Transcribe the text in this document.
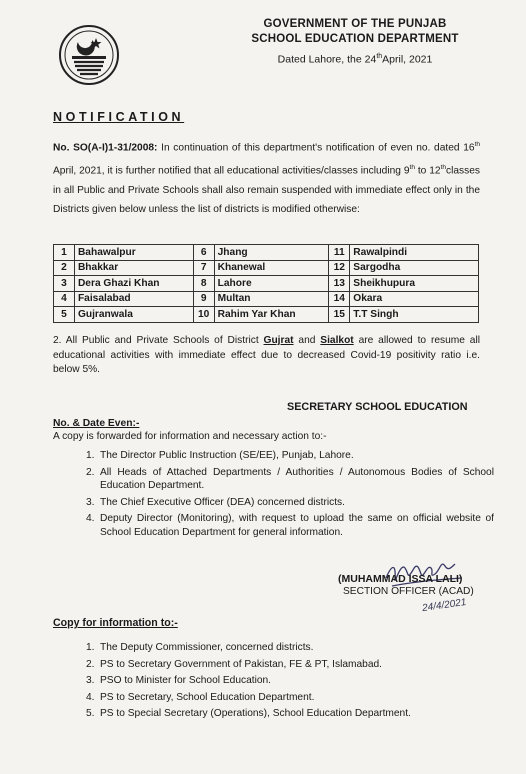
GOVERNMENT OF THE PUNJAB
SCHOOL EDUCATION DEPARTMENT
Dated Lahore, the 24thApril, 2021
NOTIFICATION
No. SO(A-I)1-31/2008: In continuation of this department's notification of even no. dated 16th April, 2021, it is further notified that all educational activities/classes including 9th to 12thclasses in all Public and Private Schools shall also remain suspended with immediate effect only in the Districts given below unless the list of districts is modified otherwise:
1	Bahawalpur	6	Jhang	11	Rawalpindi
2	Bhakkar	7	Khanewal	12	Sargodha
3	Dera Ghazi Khan	8	Lahore	13	Sheikhupura
4	Faisalabad	9	Multan	14	Okara
5	Gujranwala	10	Rahim Yar Khan	15	T.T Singh
2. All Public and Private Schools of District Gujrat and Sialkot are allowed to resume all educational activities with immediate effect due to decreased Covid-19 positivity ratio i.e. below 5%.
SECRETARY SCHOOL EDUCATION
No. & Date Even:-
A copy is forwarded for information and necessary action to:-
1. The Director Public Instruction (SE/EE), Punjab, Lahore.
2. All Heads of Attached Departments / Authorities / Autonomous Bodies of School Education Department.
3. The Chief Executive Officer (DEA) concerned districts.
4. Deputy Director (Monitoring), with request to upload the same on official website of School Education Department for general information.
(MUHAMMAD ISSA LALI)
SECTION OFFICER (ACAD)
24/4/2021
Copy for information to:-
1. The Deputy Commissioner, concerned districts.
2. PS to Secretary Government of Pakistan, FE & PT, Islamabad.
3. PSO to Minister for School Education.
4. PS to Secretary, School Education Department.
5. PS to Special Secretary (Operations), School Education Department.
